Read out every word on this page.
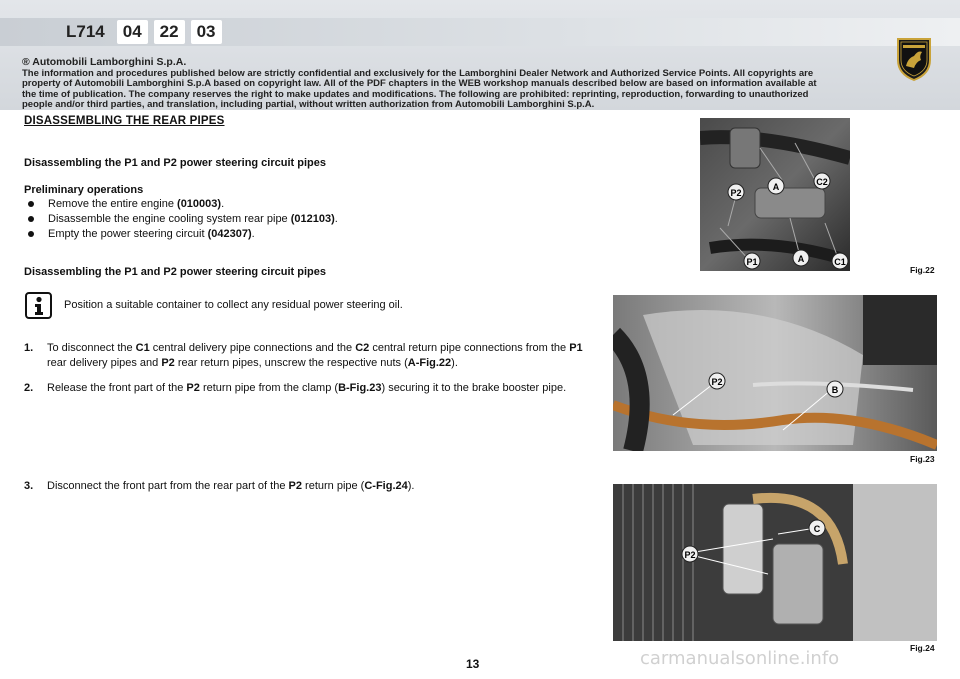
L714	04	22	03
® Automobili Lamborghini S.p.A.
The information and procedures published below are strictly confidential and exclusively for the Lamborghini Dealer Network and Authorized Service Points. All copyrights are property of Automobili Lamborghini S.p.A based on copyright law. All of the PDF chapters in the WEB workshop manuals described below are based on information available at the time of publication. The company reserves the right to make updates and modifications. The following are prohibited: reprinting, reproduction, forwarding to unauthorized people and/or third parties, and translation, including partial, without written authorization from Automobili Lamborghini S.p.A.
DISASSEMBLING THE REAR PIPES
Disassembling the P1 and P2 power steering circuit pipes
Preliminary operations
Remove the entire engine (010003).
Disassemble the engine cooling system rear pipe (012103).
Empty the power steering circuit (042307).
Disassembling the P1 and P2 power steering circuit pipes
Position a suitable container to collect any residual power steering oil.
1. To disconnect the C1 central delivery pipe connections and the C2 central return pipe connections from the P1 rear delivery pipes and P2 rear return pipes, unscrew the respective nuts (A-Fig.22).
2. Release the front part of the P2 return pipe from the clamp (B-Fig.23) securing it to the brake booster pipe.
3. Disconnect the front part from the rear part of the P2 return pipe (C-Fig.24).
P2
A	C2
P1	A	C1
Fig.22
P2
B
Fig.23
C
P2
Fig.24
13	carmanualsonline.info
